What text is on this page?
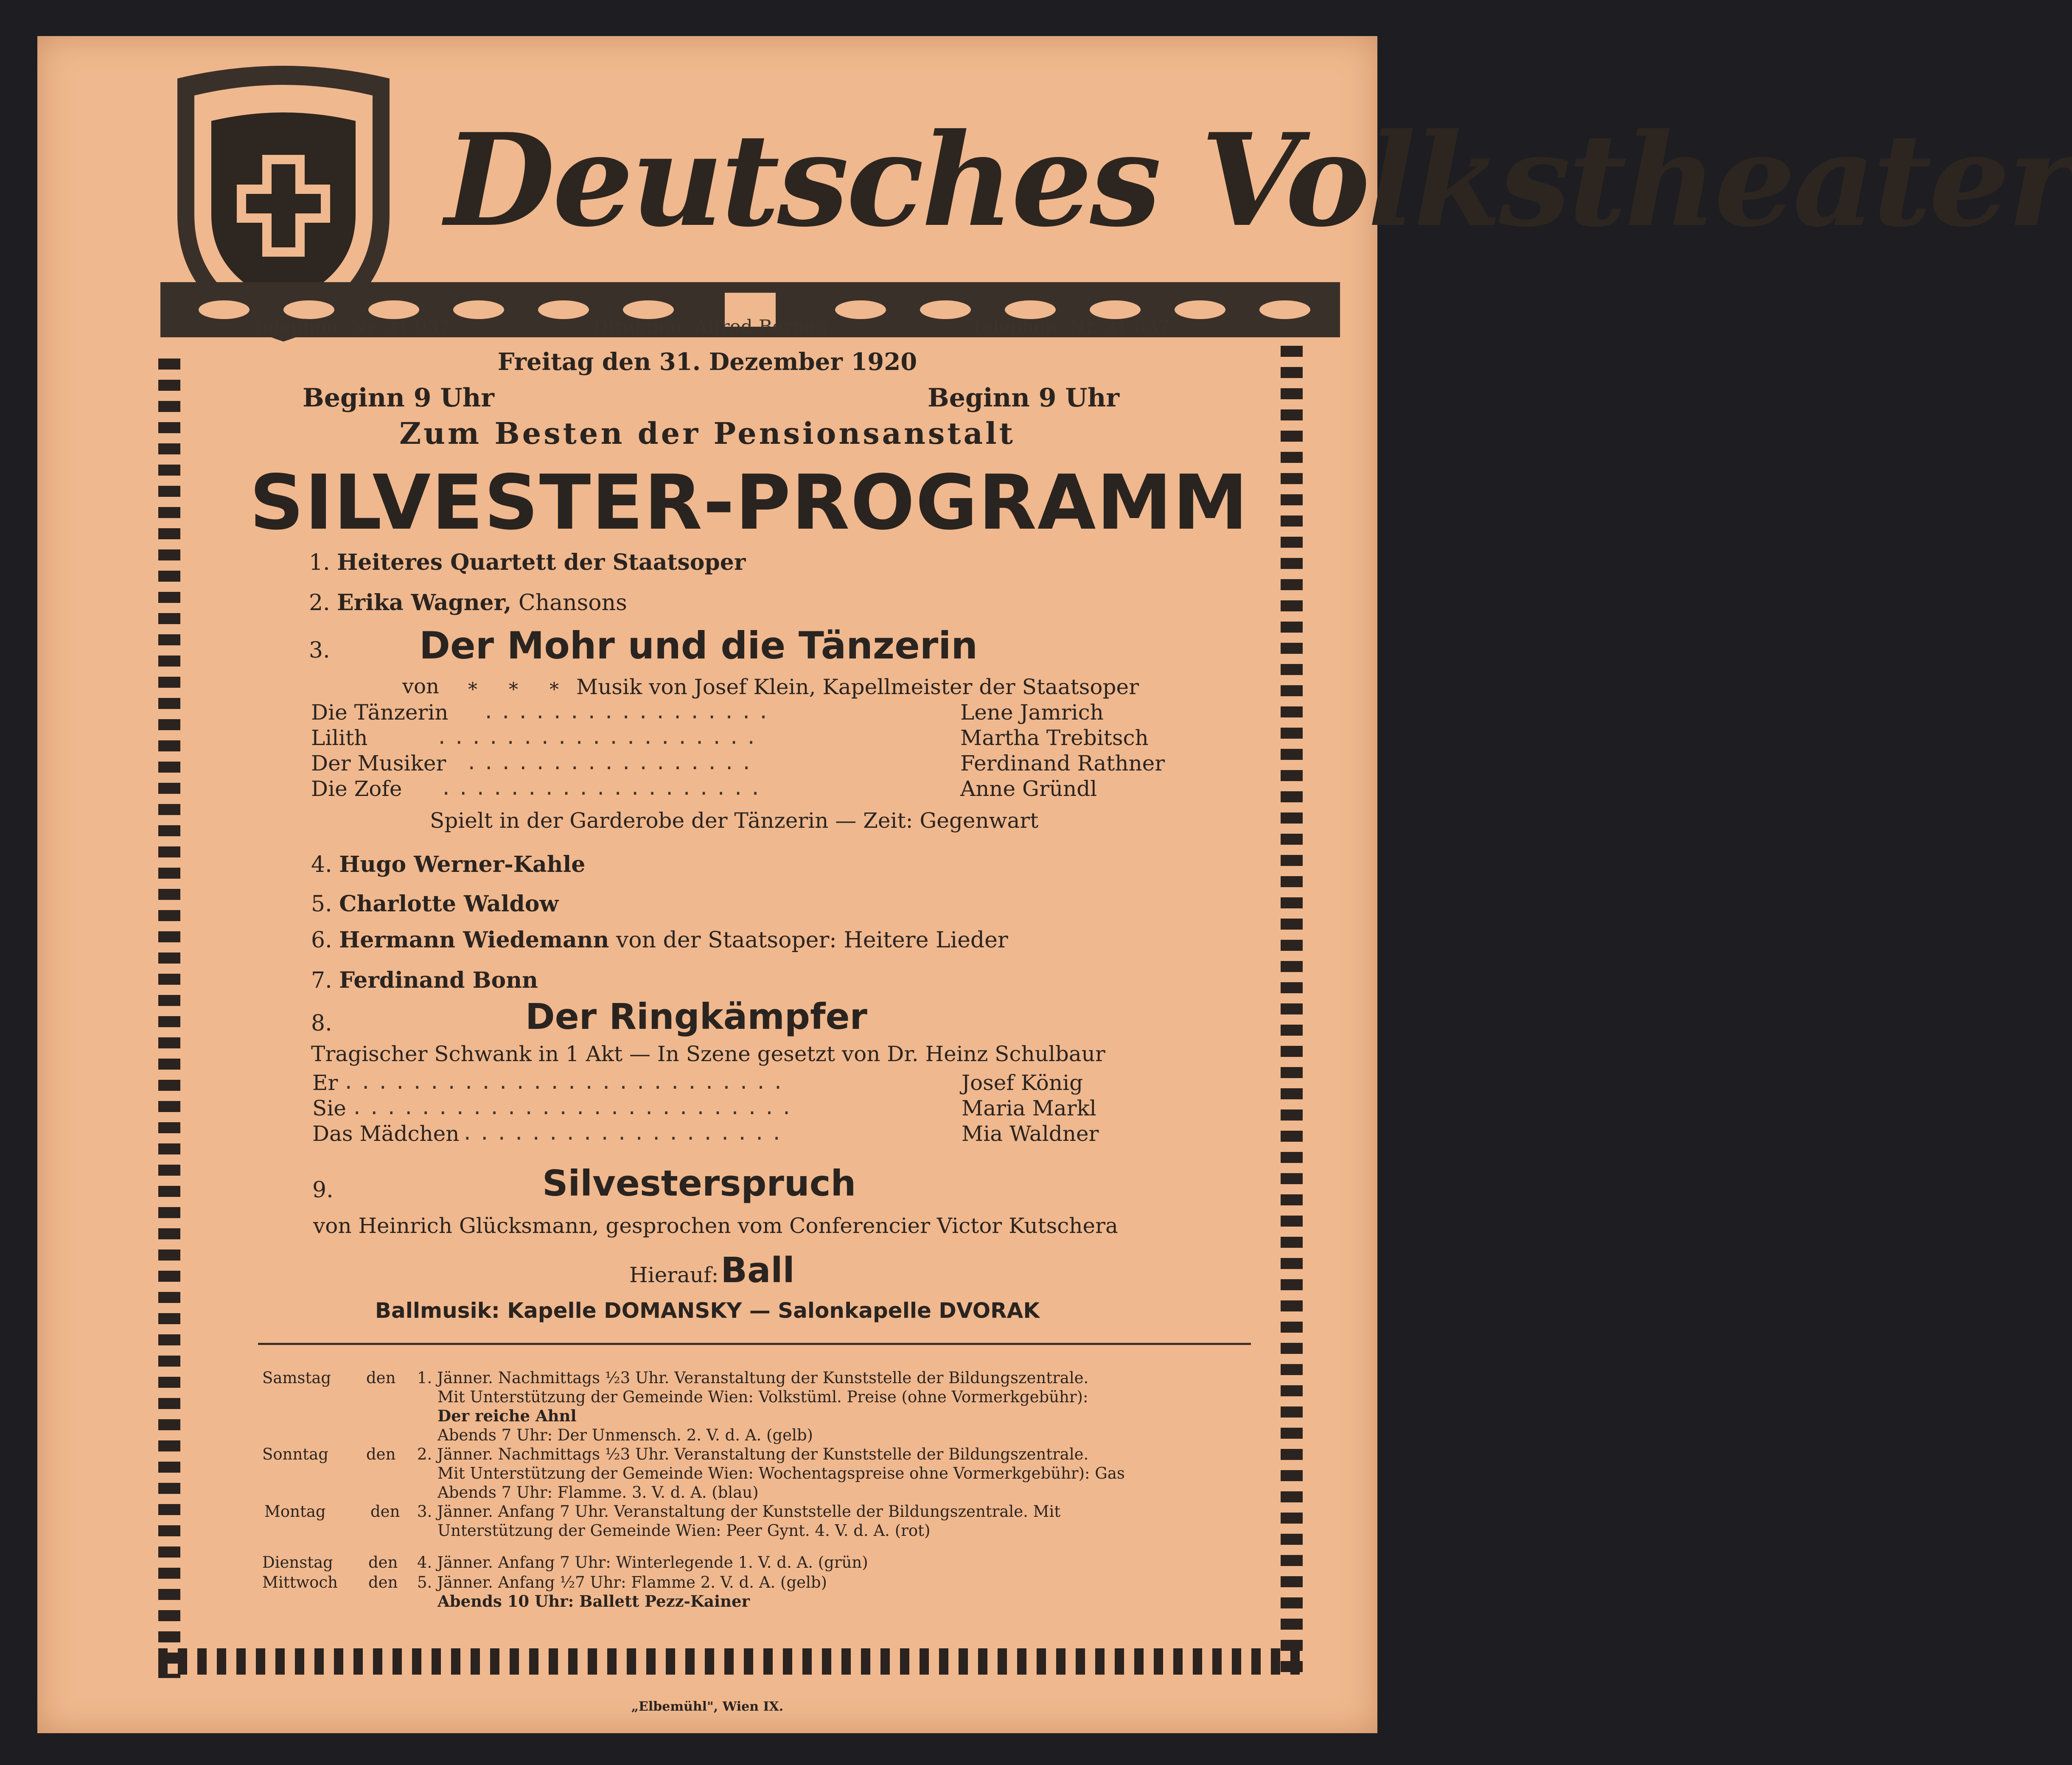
Deutsches Volkstheater
Telephon: Nr. 31.037	Direktion: Alfred Bernau	Telephon: Nr. 31.037
Freitag den 31. Dezember 1920
Beginn 9 Uhr	Beginn 9 Uhr
Zum Besten der Pensionsanstalt
SILVESTER-PROGRAMM
1. Heiteres Quartett der Staatsoper
2. Erika Wagner, Chansons
3. Der Mohr und die Tänzerin
von * * * Musik von Josef Klein, Kapellmeister der Staatsoper
Die Tänzerin .................	Lene Jamrich
Lilith	...................	Martha Trebitsch
Der Musiker .................	Ferdinand Rathner
Die Zofe ...................	Anne Gründl
Spielt in der Garderobe der Tänzerin — Zeit: Gegenwart
4. Hugo Werner-Kahle
5. Charlotte Waldow
6. Hermann Wiedemann von der Staatsoper: Heitere Lieder
7. Ferdinand Bonn
8.	Der Ringkämpfer
Tragischer Schwank in 1 Akt — In Szene gesetzt von Dr. Heinz Schulbaur
Er ..........................	Josef König
Sie ..........................	Maria Markl
Das Mädchen ...................	Mia Waldner
9.	Silvesterspruch
von Heinrich Glücksmann, gesprochen vom Conferencier Victor Kutschera
Hierauf: Ball
Ballmusik: Kapelle DOMANSKY — Salonkapelle DVORAK
Samstag den 1. Jänner. Nachmittags ½3 Uhr. Veranstaltung der Kunststelle der Bildungszentrale.
Mit Unterstützung der Gemeinde Wien: Volkstüml. Preise (ohne Vormerkgebühr):
Der reiche Ahnl
Abends 7 Uhr: Der Unmensch. 2. V. d. A. (gelb)
Sonntag den 2. Jänner. Nachmittags ½3 Uhr. Veranstaltung der Kunststelle der Bildungszentrale.
Mit Unterstützung der Gemeinde Wien: Wochentagspreise ohne Vormerkgebühr): Gas
Abends 7 Uhr: Flamme. 3. V. d. A. (blau)
Montag	den 3. Jänner. Anfang 7 Uhr. Veranstaltung der Kunststelle der Bildungszentrale. Mit
Unterstützung der Gemeinde Wien: Peer Gynt. 4. V. d. A. (rot)
Dienstag den 4. Jänner. Anfang 7 Uhr: Winterlegende 1. V. d. A. (grün)
Mittwoch den 5. Jänner. Anfang ½7 Uhr: Flamme 2. V. d. A. (gelb)
Abends 10 Uhr: Ballett Pezz-Kainer
„Elbemühl", Wien IX.
